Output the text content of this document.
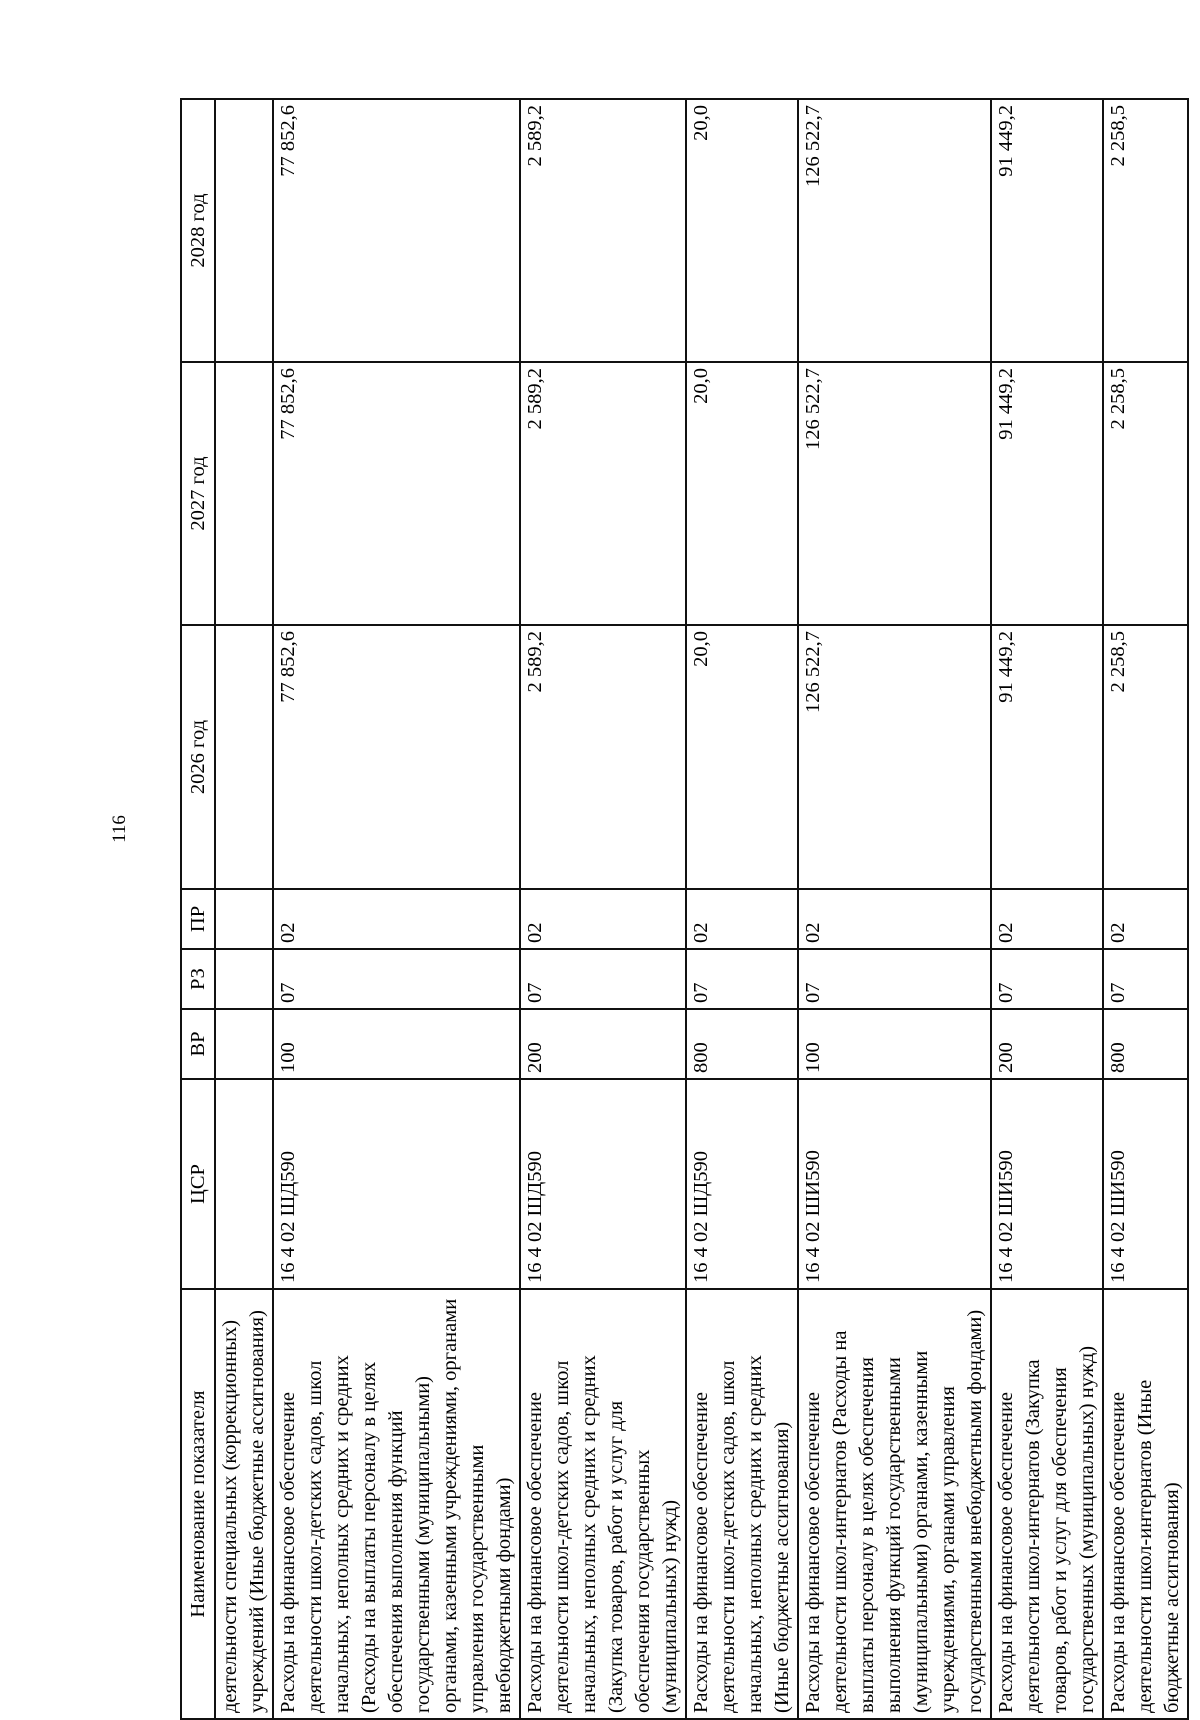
116
Наименование показателя	ЦСР	ВР	РЗ	ПР	2026 год	2027 год	2028 год
деятельности специальных (коррекционных) учреждений (Иные бюджетные ассигнования)							
Расходы на финансовое обеспечение деятельности школ-детских садов, школ начальных, неполных средних и средних (Расходы на выплаты персоналу в целях обеспечения выполнения функций государственными (муниципальными) органами, казенными учреждениями, органами управления государственными внебюджетными фондами)	16 4 02 ШД590	100	07	02	77 852,6	77 852,6	77 852,6
Расходы на финансовое обеспечение деятельности школ-детских садов, школ начальных, неполных средних и средних (Закупка товаров, работ и услуг для обеспечения государственных (муниципальных) нужд)	16 4 02 ШД590	200	07	02	2 589,2	2 589,2	2 589,2
Расходы на финансовое обеспечение деятельности школ-детских садов, школ начальных, неполных средних и средних (Иные бюджетные ассигнования)	16 4 02 ШД590	800	07	02	20,0	20,0	20,0
Расходы на финансовое обеспечение деятельности школ-интернатов (Расходы на выплаты персоналу в целях обеспечения выполнения функций государственными (муниципальными) органами, казенными учреждениями, органами управления государственными внебюджетными фондами)	16 4 02 ШИ590	100	07	02	126 522,7	126 522,7	126 522,7
Расходы на финансовое обеспечение деятельности школ-интернатов (Закупка товаров, работ и услуг для обеспечения государственных (муниципальных) нужд)	16 4 02 ШИ590	200	07	02	91 449,2	91 449,2	91 449,2
Расходы на финансовое обеспечение деятельности школ-интернатов (Иные бюджетные ассигнования)	16 4 02 ШИ590	800	07	02	2 258,5	2 258,5	2 258,5
